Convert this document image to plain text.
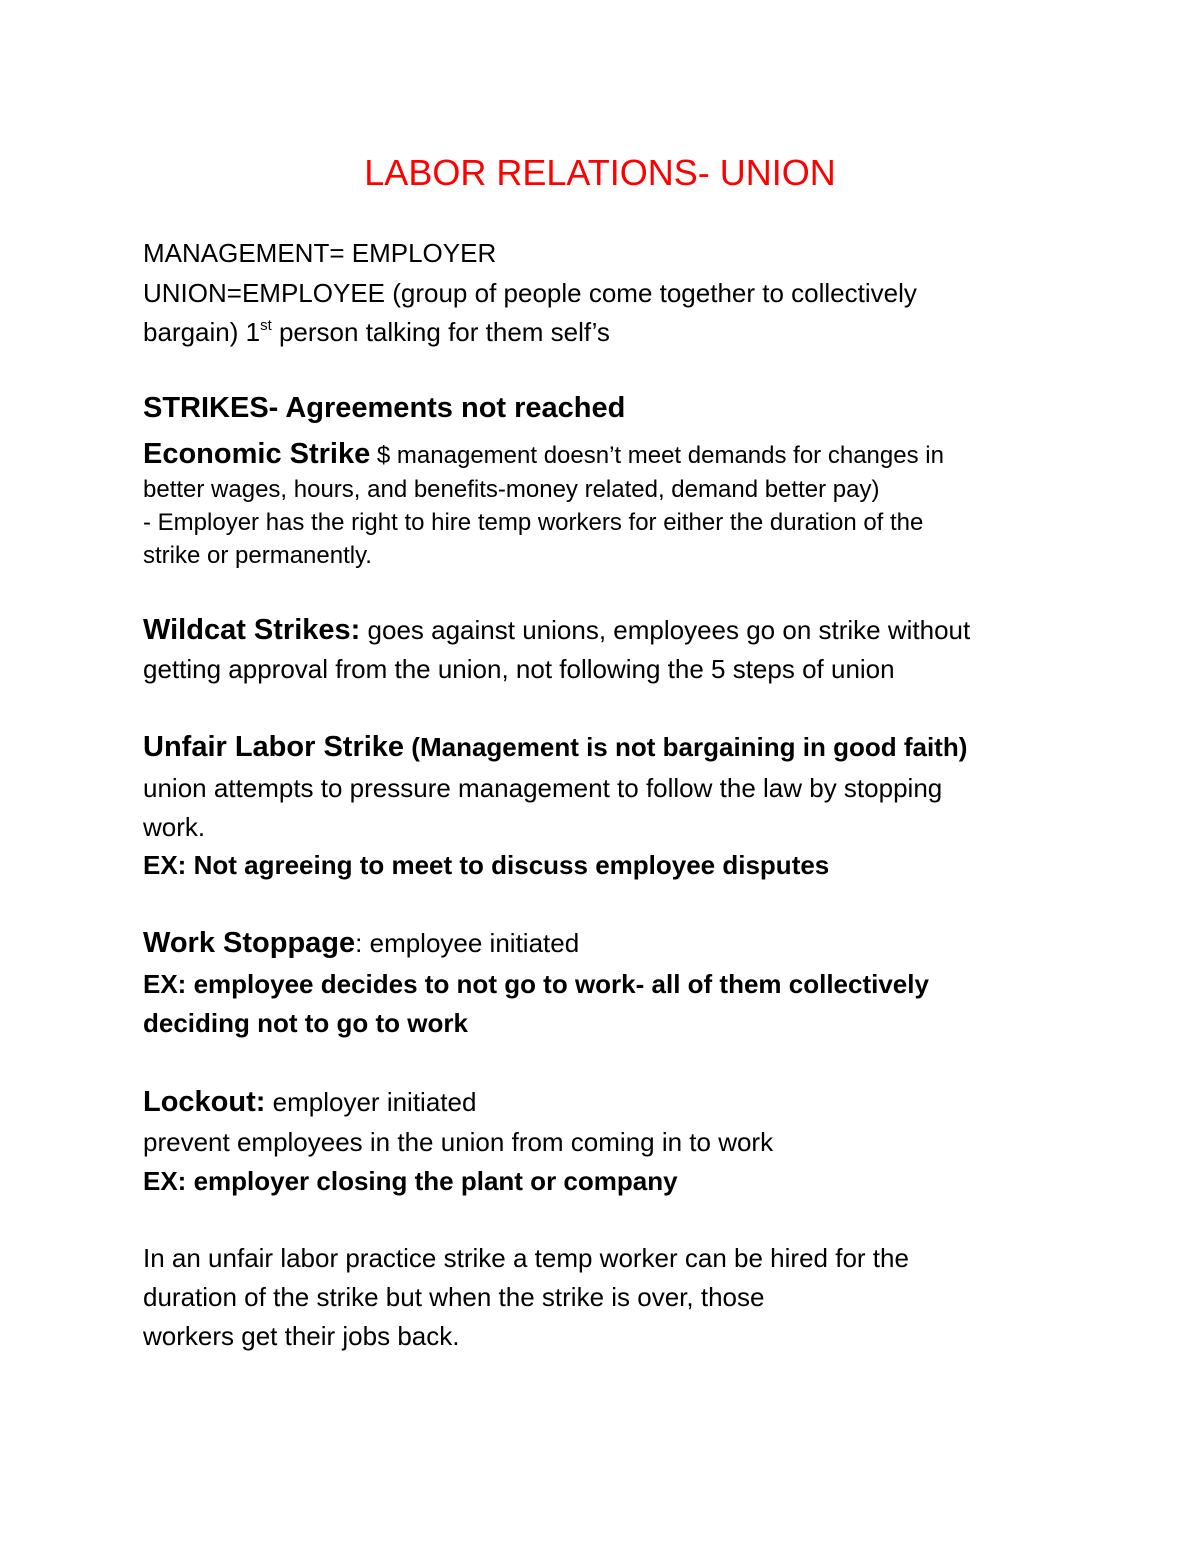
LABOR RELATIONS- UNION
MANAGEMENT= EMPLOYER
UNION=EMPLOYEE (group of people come together to collectively
bargain) 1st person talking for them self’s
STRIKES- Agreements not reached
Economic Strike $ management doesn’t meet demands for changes in
better wages, hours, and benefits-money related, demand better pay)
- Employer has the right to hire temp workers for either the duration of the
strike or permanently.
Wildcat Strikes: goes against unions, employees go on strike without
getting approval from the union, not following the 5 steps of union
Unfair Labor Strike (Management is not bargaining in good faith)
union attempts to pressure management to follow the law by stopping
work.
EX: Not agreeing to meet to discuss employee disputes
Work Stoppage: employee initiated
EX: employee decides to not go to work- all of them collectively
deciding not to go to work
Lockout: employer initiated
prevent employees in the union from coming in to work
EX: employer closing the plant or company
In an unfair labor practice strike a temp worker can be hired for the
duration of the strike but when the strike is over, those
workers get their jobs back.
